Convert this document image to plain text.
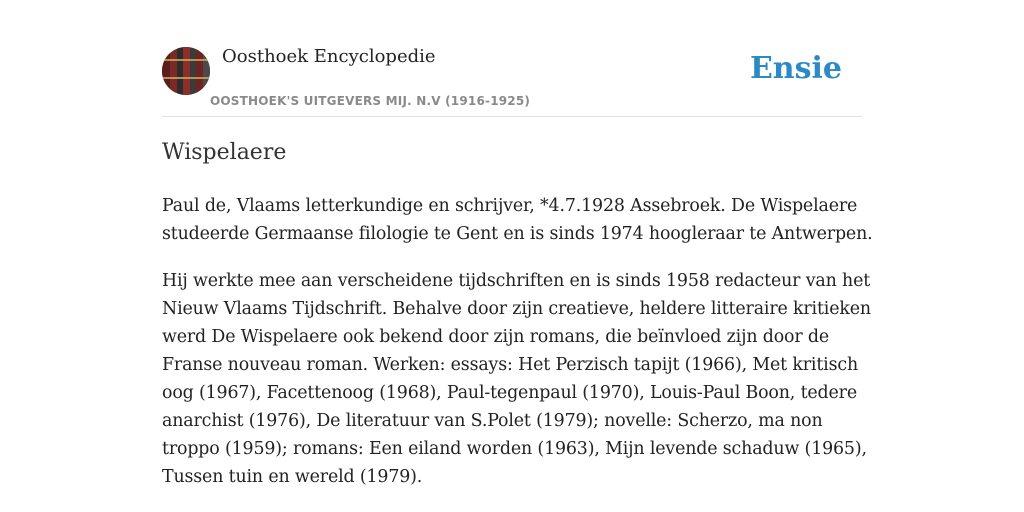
Oosthoek Encyclopedie
OOSTHOEK'S UITGEVERS MIJ. N.V (1916-1925)
Ensie
Wispelaere

Paul de, Vlaams letterkundige en schrijver, *4.7.1928 Assebroek. De Wispelaere studeerde Germaanse filologie te Gent en is sinds 1974 hoogleraar te Antwerpen.

Hij werkte mee aan verscheidene tijdschriften en is sinds 1958 redacteur van het Nieuw Vlaams Tijdschrift. Behalve door zijn creatieve, heldere litteraire kritieken werd De Wispelaere ook bekend door zijn romans, die beïnvloed zijn door de Franse nouveau roman. Werken: essays: Het Perzisch tapijt (1966), Met kritisch oog (1967), Facettenoog (1968), Paul-tegenpaul (1970), Louis-Paul Boon, tedere anarchist (1976), De literatuur van S.Polet (1979); novelle: Scherzo, ma non troppo (1959); romans: Een eiland worden (1963), Mijn levende schaduw (1965), Tussen tuin en wereld (1979).
